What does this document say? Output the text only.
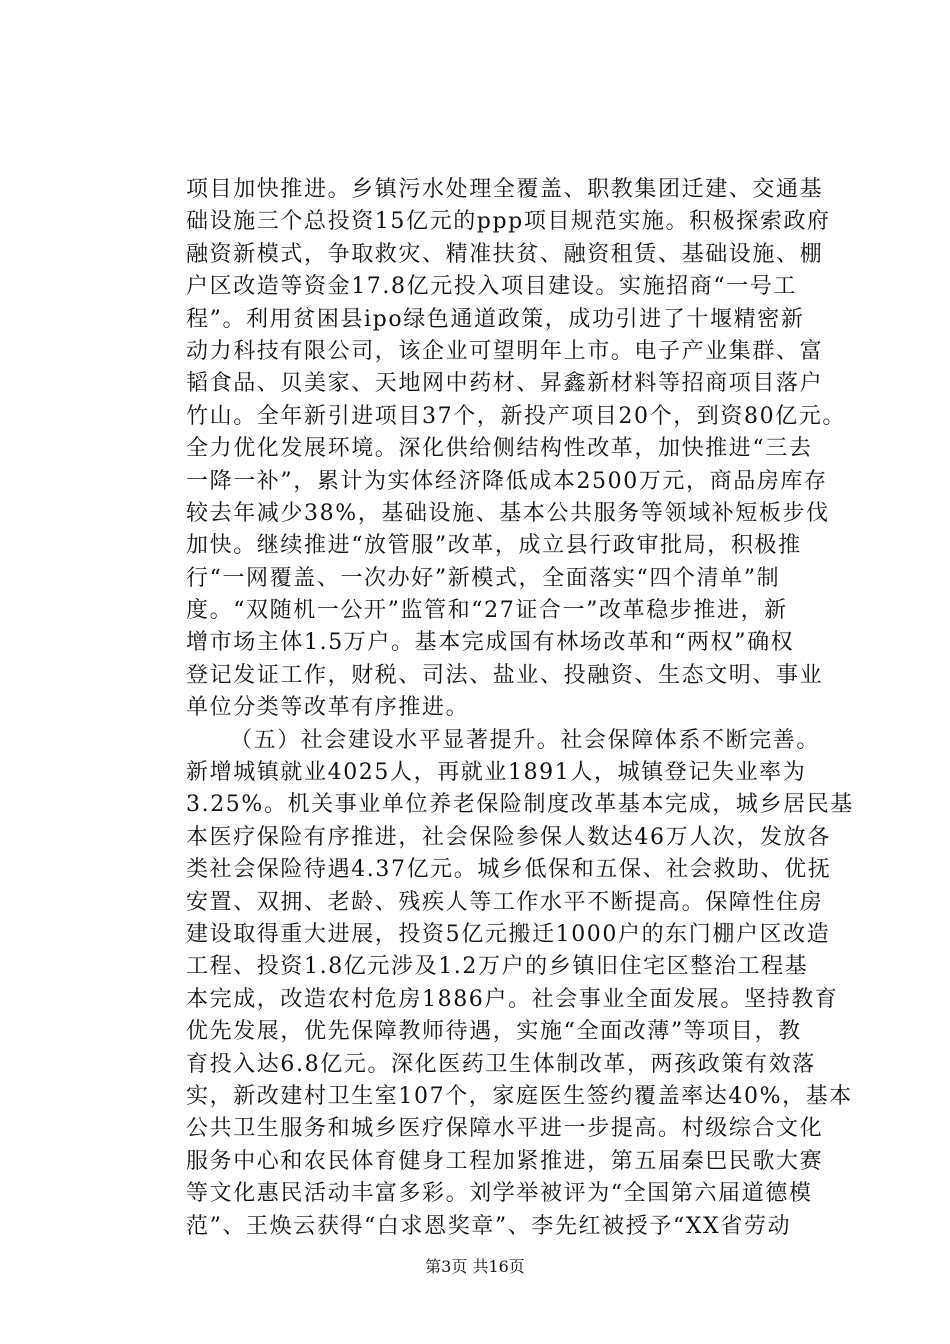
项目加快推进。乡镇污水处理全覆盖、职教集团迁建、交通基
础设施三个总投资15亿元的ppp项目规范实施。积极探索政府
融资新模式，争取救灾、精准扶贫、融资租赁、基础设施、棚
户区改造等资金17.8亿元投入项目建设。实施招商“一号工
程”。利用贫困县ipo绿色通道政策，成功引进了十堰精密新
动力科技有限公司，该企业可望明年上市。电子产业集群、富
韬食品、贝美家、天地网中药材、昇鑫新材料等招商项目落户
竹山。全年新引进项目37个，新投产项目20个，到资80亿元。
全力优化发展环境。深化供给侧结构性改革，加快推进“三去
一降一补”，累计为实体经济降低成本2500万元，商品房库存
较去年减少38%，基础设施、基本公共服务等领域补短板步伐
加快。继续推进“放管服”改革，成立县行政审批局，积极推
行“一网覆盖、一次办好”新模式，全面落实“四个清单”制
度。“双随机一公开”监管和“27证合一”改革稳步推进，新
增市场主体1.5万户。基本完成国有林场改革和“两权”确权
登记发证工作，财税、司法、盐业、投融资、生态文明、事业
单位分类等改革有序推进。
（五）社会建设水平显著提升。社会保障体系不断完善。
新增城镇就业4025人，再就业1891人，城镇登记失业率为
3.25%。机关事业单位养老保险制度改革基本完成，城乡居民基
本医疗保险有序推进，社会保险参保人数达46万人次，发放各
类社会保险待遇4.37亿元。城乡低保和五保、社会救助、优抚
安置、双拥、老龄、残疾人等工作水平不断提高。保障性住房
建设取得重大进展，投资5亿元搬迁1000户的东门棚户区改造
工程、投资1.8亿元涉及1.2万户的乡镇旧住宅区整治工程基
本完成，改造农村危房1886户。社会事业全面发展。坚持教育
优先发展，优先保障教师待遇，实施“全面改薄”等项目，教
育投入达6.8亿元。深化医药卫生体制改革，两孩政策有效落
实，新改建村卫生室107个，家庭医生签约覆盖率达40%，基本
公共卫生服务和城乡医疗保障水平进一步提高。村级综合文化
服务中心和农民体育健身工程加紧推进，第五届秦巴民歌大赛
等文化惠民活动丰富多彩。刘学举被评为“全国第六届道德模
范”、王焕云获得“白求恩奖章”、李先红被授予“XX省劳动
第3页 共16页
